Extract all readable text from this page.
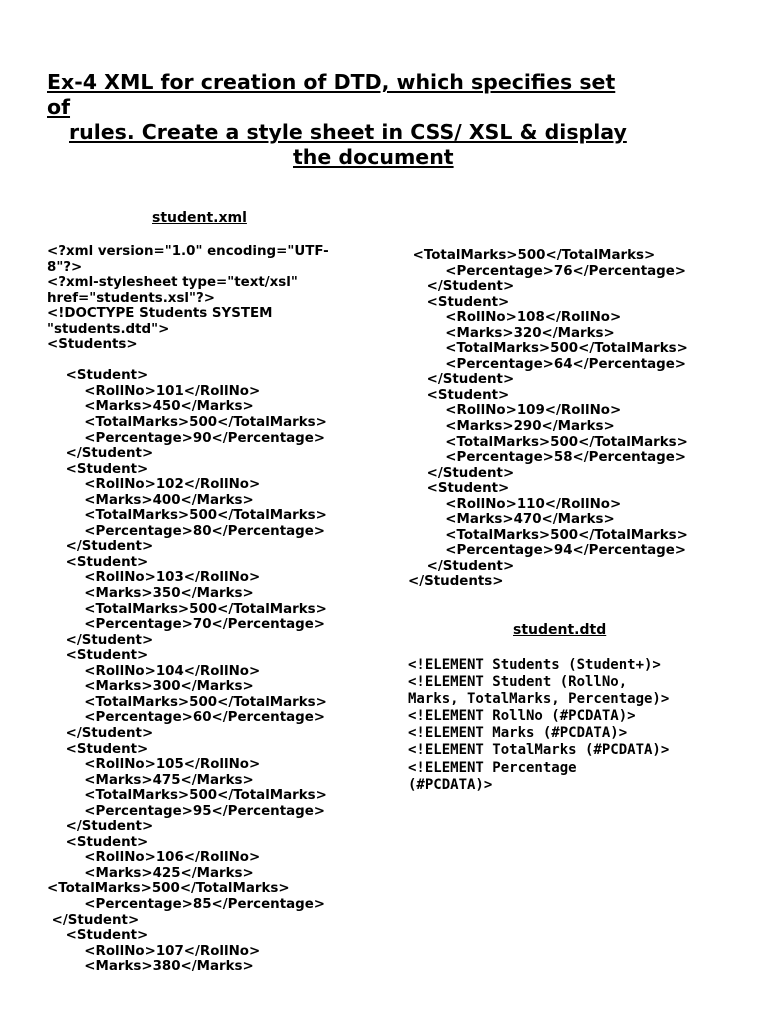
Ex-4 XML for creation of DTD, which specifies set
of
rules. Create a style sheet in CSS/ XSL & display
the document
student.xml
<?xml version="1.0" encoding="UTF-
8"?>
<?xml-stylesheet type="text/xsl"
href="students.xsl"?>
<!DOCTYPE Students SYSTEM
"students.dtd">
<Students>

<Student>
<RollNo>101</RollNo>
<Marks>450</Marks>
<TotalMarks>500</TotalMarks>
<Percentage>90</Percentage>
</Student>
<Student>
<RollNo>102</RollNo>
<Marks>400</Marks>
<TotalMarks>500</TotalMarks>
<Percentage>80</Percentage>
</Student>
<Student>
<RollNo>103</RollNo>
<Marks>350</Marks>
<TotalMarks>500</TotalMarks>
<Percentage>70</Percentage>
</Student>
<Student>
<RollNo>104</RollNo>
<Marks>300</Marks>
<TotalMarks>500</TotalMarks>
<Percentage>60</Percentage>
</Student>
<Student>
<RollNo>105</RollNo>
<Marks>475</Marks>
<TotalMarks>500</TotalMarks>
<Percentage>95</Percentage>
</Student>
<Student>
<RollNo>106</RollNo>
<Marks>425</Marks>
<TotalMarks>500</TotalMarks>
<Percentage>85</Percentage>
</Student>
<Student>
<RollNo>107</RollNo>
<Marks>380</Marks>
<TotalMarks>500</TotalMarks>
<Percentage>76</Percentage>
</Student>
<Student>
<RollNo>108</RollNo>
<Marks>320</Marks>
<TotalMarks>500</TotalMarks>
<Percentage>64</Percentage>
</Student>
<Student>
<RollNo>109</RollNo>
<Marks>290</Marks>
<TotalMarks>500</TotalMarks>
<Percentage>58</Percentage>
</Student>
<Student>
<RollNo>110</RollNo>
<Marks>470</Marks>
<TotalMarks>500</TotalMarks>
<Percentage>94</Percentage>
</Student>
</Students>
student.dtd
<!ELEMENT Students (Student+)>
<!ELEMENT Student (RollNo,
Marks, TotalMarks, Percentage)>
<!ELEMENT RollNo (#PCDATA)>
<!ELEMENT Marks (#PCDATA)>
<!ELEMENT TotalMarks (#PCDATA)>
<!ELEMENT Percentage
(#PCDATA)>
